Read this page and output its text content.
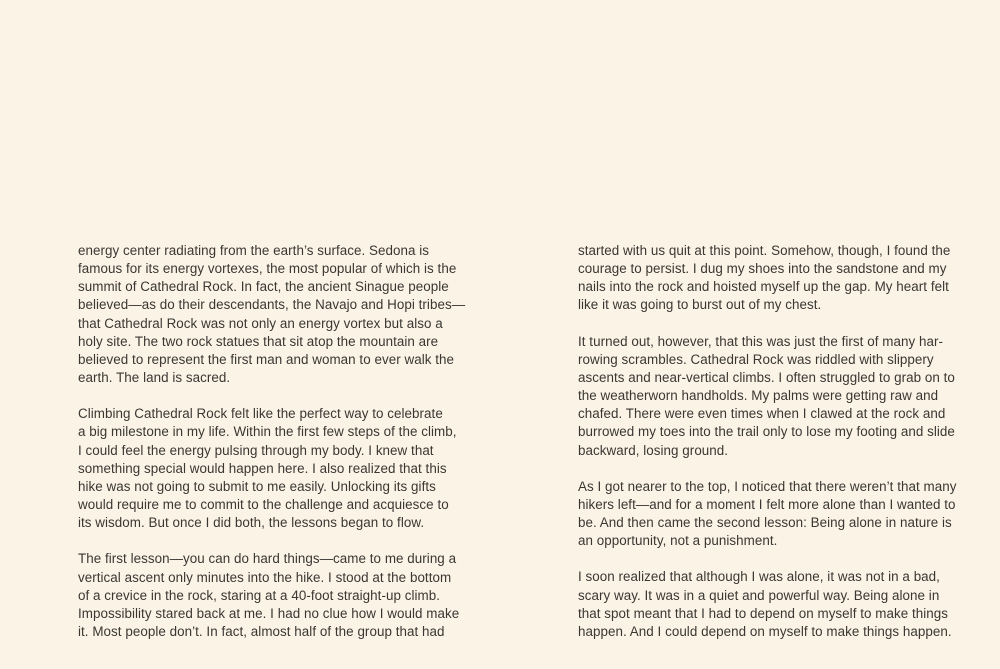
energy center radiating from the earth’s surface. Sedona is
famous for its energy vortexes, the most popular of which is the
summit of Cathedral Rock. In fact, the ancient Sinague people
believed—as do their descendants, the Navajo and Hopi tribes—
that Cathedral Rock was not only an energy vortex but also a
holy site. The two rock statues that sit atop the mountain are
believed to represent the first man and woman to ever walk the
earth. The land is sacred.

Climbing Cathedral Rock felt like the perfect way to celebrate
a big milestone in my life. Within the first few steps of the climb,
I could feel the energy pulsing through my body. I knew that
something special would happen here. I also realized that this
hike was not going to submit to me easily. Unlocking its gifts
would require me to commit to the challenge and acquiesce to
its wisdom. But once I did both, the lessons began to flow.

The first lesson—you can do hard things—came to me during a
vertical ascent only minutes into the hike. I stood at the bottom
of a crevice in the rock, staring at a 40-foot straight-up climb.
Impossibility stared back at me. I had no clue how I would make
it. Most people don’t. In fact, almost half of the group that had

started with us quit at this point. Somehow, though, I found the
courage to persist. I dug my shoes into the sandstone and my
nails into the rock and hoisted myself up the gap. My heart felt
like it was going to burst out of my chest.

It turned out, however, that this was just the first of many har-
rowing scrambles. Cathedral Rock was riddled with slippery
ascents and near-vertical climbs. I often struggled to grab on to
the weatherworn handholds. My palms were getting raw and
chafed. There were even times when I clawed at the rock and
burrowed my toes into the trail only to lose my footing and slide
backward, losing ground.

As I got nearer to the top, I noticed that there weren’t that many
hikers left—and for a moment I felt more alone than I wanted to
be. And then came the second lesson: Being alone in nature is
an opportunity, not a punishment.

I soon realized that although I was alone, it was not in a bad,
scary way. It was in a quiet and powerful way. Being alone in
that spot meant that I had to depend on myself to make things
happen. And I could depend on myself to make things happen.
